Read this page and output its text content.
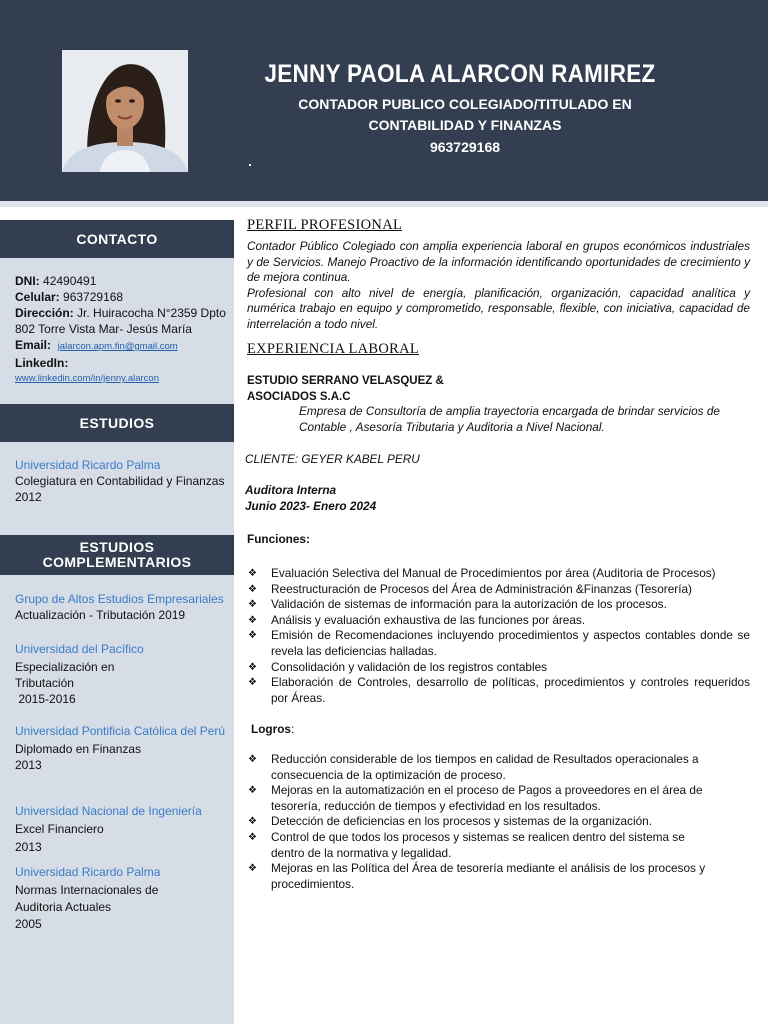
JENNY PAOLA ALARCON RAMIREZ
CONTADOR PUBLICO COLEGIADO/TITULADO EN
CONTABILIDAD Y FINANZAS
963729168
CONTACTO

DNI: 42490491

Celular: 963729168

Dirección: Jr. Huiracocha N°2359 Dpto 802 Torre Vista Mar- Jesús María

Email: jalarcon.apm.fin@gmail.com

LinkedIn:

www.linkedin.com/in/jenny.alarcon

ESTUDIOS

Universidad Ricardo Palma

Colegiatura en Contabilidad y Finanzas

2012

ESTUDIOS
COMPLEMENTARIOS

Grupo de Altos Estudios Empresariales

Actualización - Tributación 2019

Universidad del Pacífico

Especialización en Tributación

2015-2016

Universidad Pontificia Católica del Perú

Diplomado en Finanzas

2013

Universidad Nacional de Ingeniería

Excel Financiero

2013

Universidad Ricardo Palma

Normas Internacionales de Auditoria Actuales

2005

PERFIL PROFESIONAL

Contador Público Colegiado con amplia experiencia laboral en grupos económicos industriales y de Servicios. Manejo Proactivo de la información identificando oportunidades de crecimiento y de mejora continua.

Profesional con alto nivel de energía, planificación, organización, capacidad analítica y numérica trabajo en equipo y comprometido, responsable, flexible, con iniciativa, capacidad de interrelación a todo nivel.

EXPERIENCIA LABORAL

ESTUDIO SERRANO VELASQUEZ &
ASOCIADOS S.A.C
Empresa de Consultoría de amplia trayectoria encargada de brindar servicios de Contable , Asesoría Tributaria y Auditoria a Nivel Nacional.
CLIENTE: GEYER KABEL PERU
Auditora Interna
Junio 2023- Enero 2024
Funciones:
❖	Evaluación Selectiva del Manual de Procedimientos por área (Auditoria de Procesos)
❖	Reestructuración de Procesos del Área de Administración &Finanzas (Tesorería)
❖	Validación de sistemas de información para la autorización de los procesos.
❖	Análisis y evaluación exhaustiva de las funciones por áreas.
❖	Emisión de Recomendaciones incluyendo procedimientos y aspectos contables donde se revela las deficiencias halladas.
❖	Consolidación y validación de los registros contables
❖	Elaboración de Controles, desarrollo de políticas, procedimientos y controles requeridos por Áreas.
Logros:
❖	Reducción considerable de los tiempos en calidad de Resultados operacionales a consecuencia de la optimización de proceso.
❖	Mejoras en la automatización en el proceso de Pagos a proveedores en el área de tesorería, reducción de tiempos y efectividad en los resultados.
❖	Detección de deficiencias en los procesos y sistemas de la organización.
❖	Control de que todos los procesos y sistemas se realicen dentro del sistema se dentro de la normativa y legalidad.
❖	Mejoras en las Política del Área de tesorería mediante el análisis de los procesos y procedimientos.
